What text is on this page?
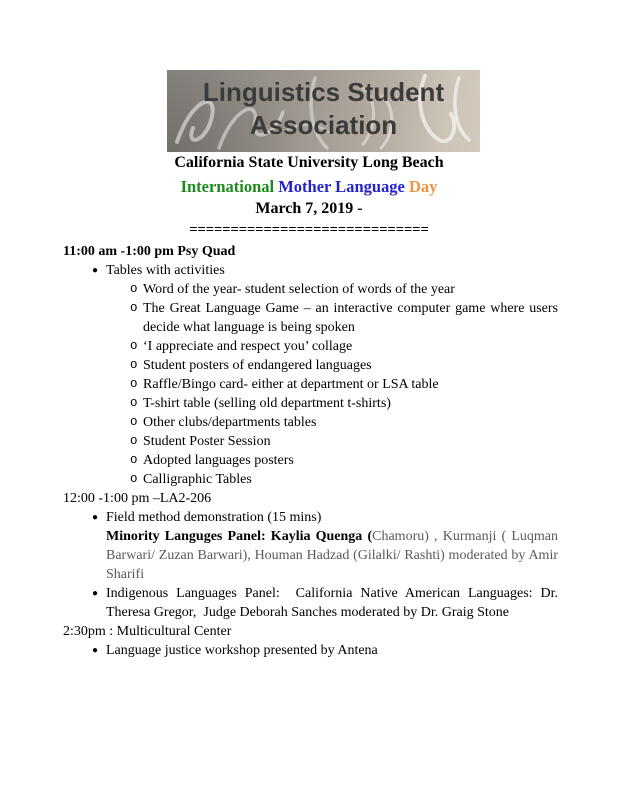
Linguistics Student
Association
California State University Long Beach
International Mother Language Day
March 7, 2019 -
=============================
11:00 am -1:00 pm Psy Quad
● Tables with activities
o Word of the year- student selection of words of the year
o The Great Language Game – an interactive computer game where users decide what language is being spoken
o ‘I appreciate and respect you’ collage
o Student posters of endangered languages
o Raffle/Bingo card- either at department or LSA table
o T-shirt table (selling old department t-shirts)
o Other clubs/departments tables
o Student Poster Session
o Adopted languages posters
o Calligraphic Tables
12:00 -1:00 pm –LA2-206
● Field method demonstration (15 mins)
Minority Languges Panel: Kaylia Quenga (Chamoru) , Kurmanji ( Luqman Barwari/ Zuzan Barwari), Houman Hadzad (Gilalki/ Rashti) moderated by Amir Sharifi
● Indigenous Languages Panel:  California Native American Languages: Dr. Theresa Gregor,  Judge Deborah Sanches moderated by Dr. Graig Stone
2:30pm : Multicultural Center
● Language justice workshop presented by Antena
